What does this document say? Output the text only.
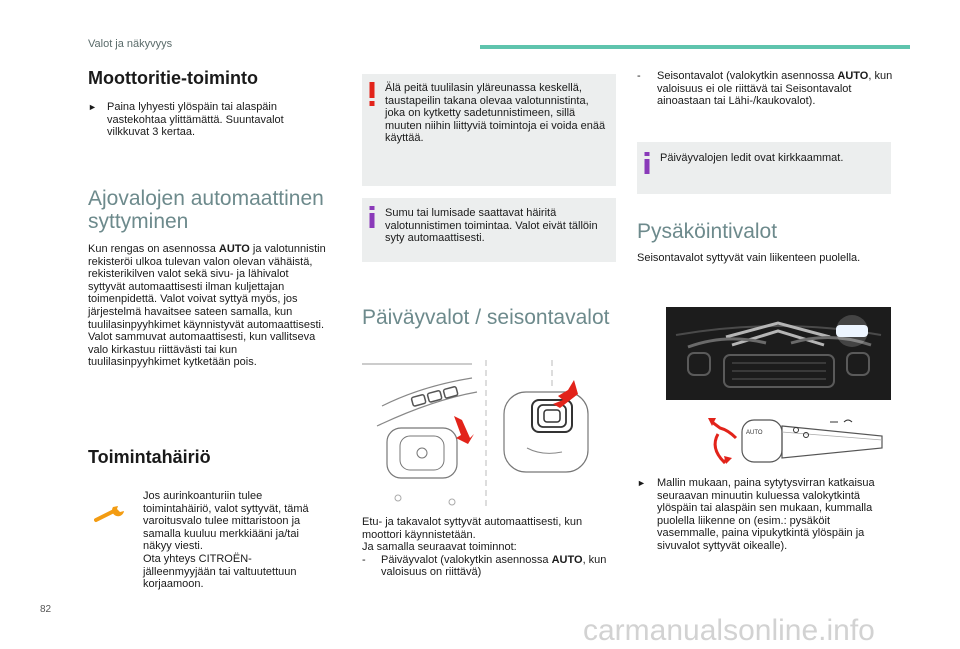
Valot ja näkyvyys
Moottoritie-toiminto
► Paina lyhyesti ylöspäin tai alaspäin vastekohtaa ylittämättä. Suuntavalot vilkkuvat 3 kertaa.
Ajovalojen automaattinen
syttyminen
Kun rengas on asennossa AUTO ja valotunnistin rekisteröi ulkoa tulevan valon olevan vähäistä, rekisterikilven valot sekä sivu- ja lähivalot syttyvät automaattisesti ilman kuljettajan toimenpidettä. Valot voivat syttyä myös, jos järjestelmä havaitsee sateen samalla, kun tuulilasinpyyhkimet käynnistyvät automaattisesti.
Valot sammuvat automaattisesti, kun vallitseva valo kirkastuu riittävästi tai kun tuulilasinpyyhkimet kytketään pois.
Toimintahäiriö
Jos aurinkoanturiin tulee toimintahäiriö, valot syttyvät, tämä varoitusvalo tulee mittaristoon ja samalla kuuluu merkkiääni ja/tai näkyy viesti.
Ota yhteys CITROËN-jälleenmyyjään tai valtuutettuun korjaamoon.
Älä peitä tuulilasin yläreunassa keskellä, taustapeilin takana olevaa valotunnistinta, joka on kytketty sadetunnistimeen, sillä muuten niihin liittyviä toimintoja ei voida enää käyttää.
Sumu tai lumisade saattavat häiritä valotunnistimen toimintaa. Valot eivät tällöin syty automaattisesti.
Päiväyvalot / seisontavalot
Etu- ja takavalot syttyvät automaattisesti, kun moottori käynnistetään.
Ja samalla seuraavat toiminnot:
- Päiväyvalot (valokytkin asennossa AUTO, kun valoisuus on riittävä)
- Seisontavalot (valokytkin asennossa AUTO, kun valoisuus ei ole riittävä tai Seisontavalot ainoastaan tai Lähi-/kaukovalot).
Päiväyvalojen ledit ovat kirkkaammat.
Pysäköintivalot
Seisontavalot syttyvät vain liikenteen puolella.
AUTO
► Mallin mukaan, paina sytytysvirran katkaisua seuraavan minuutin kuluessa valokytkintä ylöspäin tai alaspäin sen mukaan, kummalla puolella liikenne on (esim.: pysäköit vasemmalle, paina vipukytkintä ylöspäin ja sivuvalot syttyvät oikealle).
82
carmanualsonline.info
